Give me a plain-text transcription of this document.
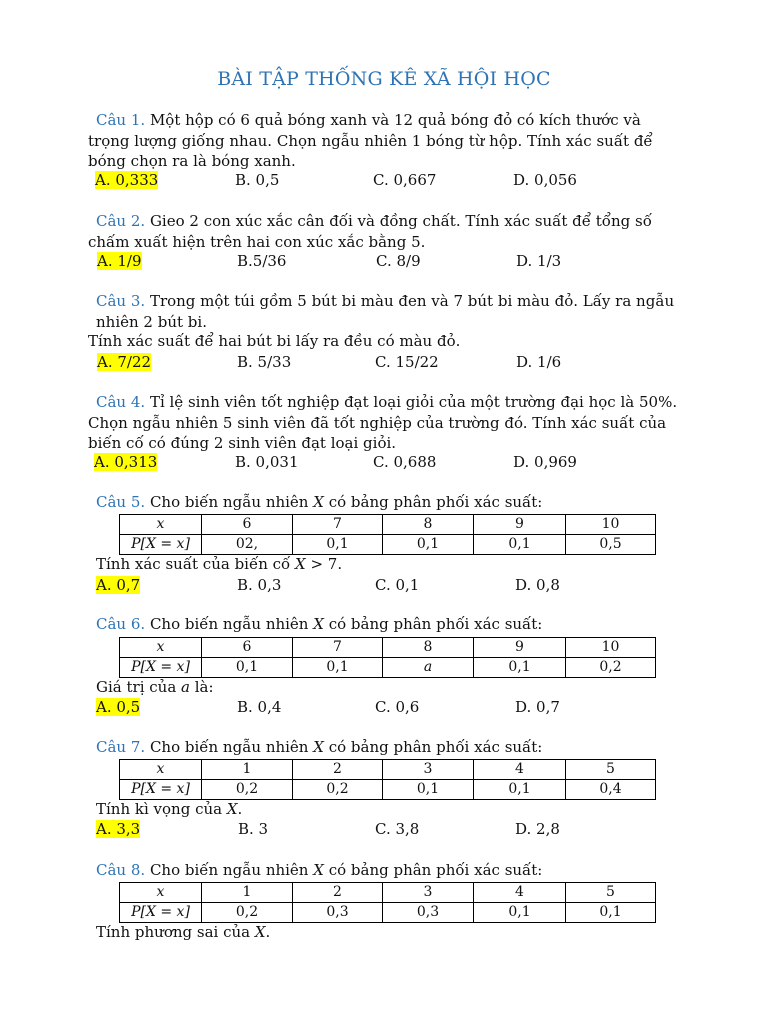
BÀI TẬP THỐNG KÊ XÃ HỘI HỌC
Câu 1. Một hộp có 6 quả bóng xanh và 12 quả bóng đỏ có kích thước và
trọng lượng giống nhau. Chọn ngẫu nhiên 1 bóng từ hộp. Tính xác suất để
bóng chọn ra là bóng xanh.
A. 0,333	B. 0,5	C. 0,667	D. 0,056
Câu 2. Gieo 2 con xúc xắc cân đối và đồng chất. Tính xác suất để tổng số
chấm xuất hiện trên hai con xúc xắc bằng 5.
A. 1/9	B.5/36	C. 8/9	D. 1/3
Câu 3. Trong một túi gồm 5 bút bi màu đen và 7 bút bi màu đỏ. Lấy ra ngẫu
nhiên 2 bút bi.
Tính xác suất để hai bút bi lấy ra đều có màu đỏ.
A. 7/22	B. 5/33	C. 15/22	D. 1/6
Câu 4. Tỉ lệ sinh viên tốt nghiệp đạt loại giỏi của một trường đại học là 50%.
Chọn ngẫu nhiên 5 sinh viên đã tốt nghiệp của trường đó. Tính xác suất của
biến cố có đúng 2 sinh viên đạt loại giỏi.
A. 0,313	B. 0,031	C. 0,688	D. 0,969
Câu 5. Cho biến ngẫu nhiên X có bảng phân phối xác suất:
x	6	7	8	9	10
P[X = x]	02,	0,1	0,1	0,1	0,5
Tính xác suất của biến cố X > 7.
A. 0,7	B. 0,3	C. 0,1	D. 0,8
Câu 6. Cho biến ngẫu nhiên X có bảng phân phối xác suất:
x	6	7	8	9	10
P[X = x]	0,1	0,1	a	0,1	0,2
Giá trị của a là:
A. 0,5	B. 0,4	C. 0,6	D. 0,7
Câu 7. Cho biến ngẫu nhiên X có bảng phân phối xác suất:
x	1	2	3	4	5
P[X = x]	0,2	0,2	0,1	0,1	0,4
Tính kì vọng của X.
A. 3,3	B. 3	C. 3,8	D. 2,8
Câu 8. Cho biến ngẫu nhiên X có bảng phân phối xác suất:
x	1	2	3	4	5
P[X = x]	0,2	0,3	0,3	0,1	0,1
Tính phương sai của X.
